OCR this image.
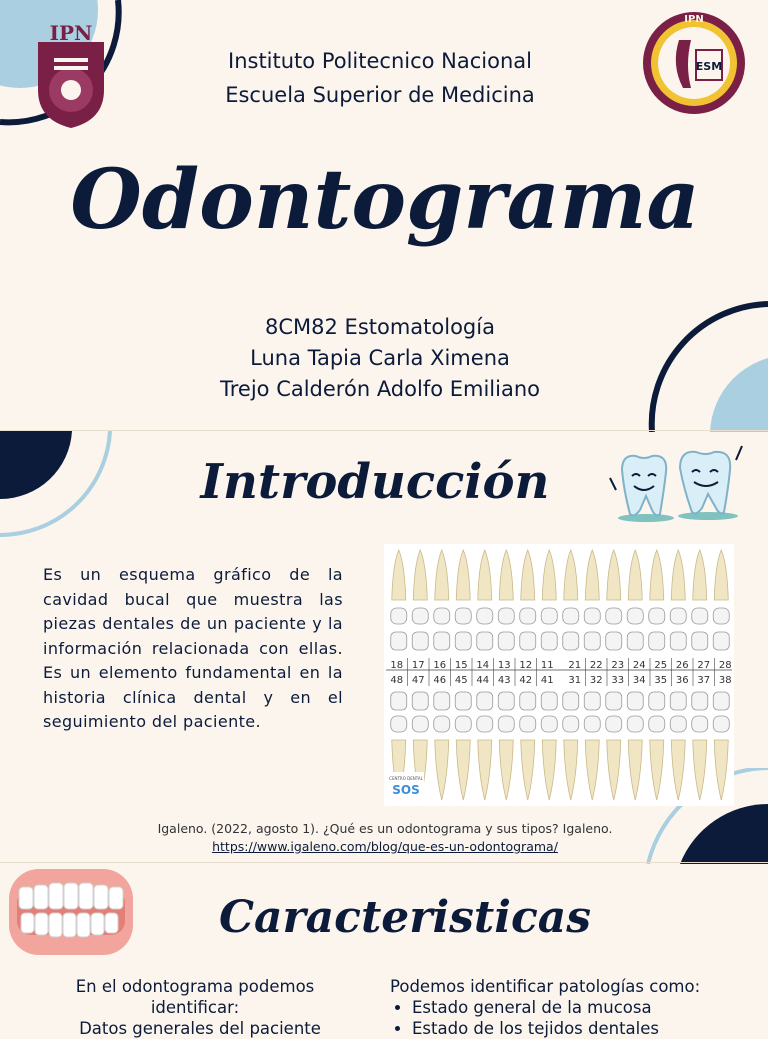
IPN
Instituto Politecnico Nacional
Escuela Superior de Medicina
IPN
ESM
Odontograma
8CM82 Estomatología
Luna Tapia Carla Ximena
Trejo Calderón Adolfo Emiliano
Introducción
Es un esquema gráfico de la cavidad bucal que muestra las piezas dentales de un paciente y la información relacionada con ellas. Es un elemento fundamental en la historia clínica dental y en el seguimiento del paciente.
18
48
17
47
16
46
15
45
14
44
13
43
12
42
11
41
21
31
22
32
23
33
24
34
25
35
26
36
27
37
28
38
CENTRO DENTAL
SOS
Igaleno. (2022, agosto 1). ¿Qué es un odontograma y sus tipos? Igaleno.
https://www.igaleno.com/blog/que-es-un-odontograma/
Caracteristicas
En el odontograma podemos identificar:
Datos generales del paciente
Podemos identificar patologías como:
• Estado general de la mucosa
• Estado de los tejidos dentales
